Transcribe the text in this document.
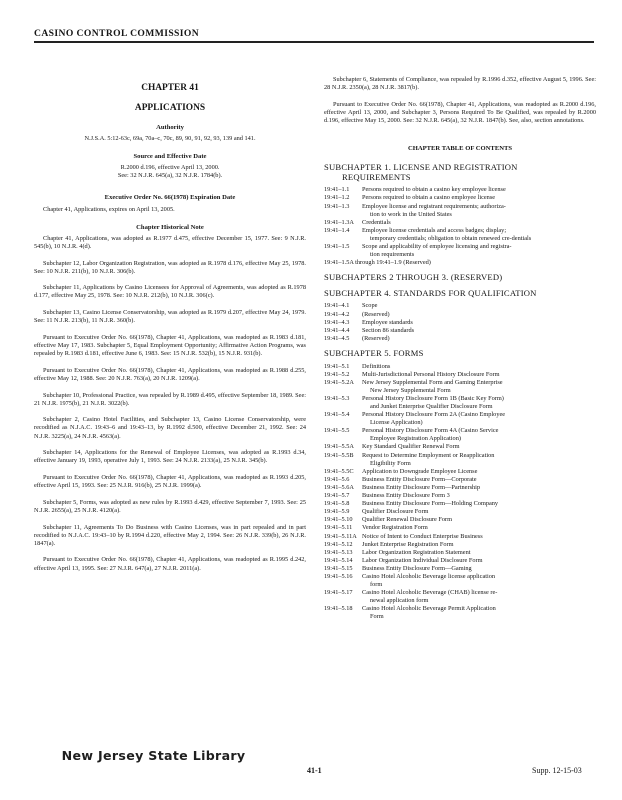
CASINO CONTROL COMMISSION
CHAPTER 41
APPLICATIONS
Authority

N.J.S.A. 5:12-63c, 69a, 70a–c, 70c, 89, 90, 91, 92, 93, 139 and 141.

Source and Effective Date
R.2000 d.196, effective April 13, 2000.
See: 32 N.J.R. 645(a), 32 N.J.R. 1784(b).
Executive Order No. 66(1978) Expiration Date

Chapter 41, Applications, expires on April 13, 2005.

Chapter Historical Note

Chapter 41, Applications, was adopted as R.1977 d.475, effective December 15, 1977. See: 9 N.J.R. 545(b), 10 N.J.R. 4(d).

Subchapter 12, Labor Organization Registration, was adopted as R.1978 d.176, effective May 25, 1978. See: 10 N.J.R. 211(b), 10 N.J.R. 306(b).

Subchapter 11, Applications by Casino Licensees for Approval of Agreements, was adopted as R.1978 d.177, effective May 25, 1978. See: 10 N.J.R. 212(b), 10 N.J.R. 306(c).

Subchapter 13, Casino License Conservatorship, was adopted as R.1979 d.207, effective May 24, 1979. See: 11 N.J.R. 213(b), 11 N.J.R. 360(b).

Pursuant to Executive Order No. 66(1978), Chapter 41, Applications, was readopted as R.1983 d.181, effective May 17, 1983. Subchapter 5, Equal Employment Opportunity; Affirmative Action Programs, was repealed by R.1983 d.181, effective June 6, 1983. See: 15 N.J.R. 532(b), 15 N.J.R. 931(b).

Pursuant to Executive Order No. 66(1978), Chapter 41, Applications, was readopted as R.1988 d.255, effective May 12, 1988. See: 20 N.J.R. 763(a), 20 N.J.R. 1209(a).

Subchapter 10, Professional Practice, was repealed by R.1989 d.495, effective September 18, 1989. See: 21 N.J.R. 1975(b), 21 N.J.R. 3022(b).

Subchapter 2, Casino Hotel Facilities, and Subchapter 13, Casino License Conservatorship, were recodified as N.J.A.C. 19:43–6 and 19:43–13, by R.1992 d.500, effective December 21, 1992. See: 24 N.J.R. 3225(a), 24 N.J.R. 4563(a).

Subchapter 14, Applications for the Renewal of Employee Licenses, was adopted as R.1993 d.34, effective January 19, 1993, operative July 1, 1993. See: 24 N.J.R. 2133(a), 25 N.J.R. 345(b).

Pursuant to Executive Order No. 66(1978), Chapter 41, Applications, was readopted as R.1993 d.205, effective April 15, 1993. See: 25 N.J.R. 916(b), 25 N.J.R. 1999(a).

Subchapter 5, Forms, was adopted as new rules by R.1993 d.429, effective September 7, 1993. See: 25 N.J.R. 2655(a), 25 N.J.R. 4120(a).

Subchapter 11, Agreements To Do Business with Casino Licenses, was in part repealed and in part recodified to N.J.A.C. 19:43–10 by R.1994 d.220, effective May 2, 1994. See: 26 N.J.R. 339(b), 26 N.J.R. 1847(a).

Pursuant to Executive Order No. 66(1978), Chapter 41, Applications, was readopted as R.1995 d.242, effective April 13, 1995. See: 27 N.J.R. 647(a), 27 N.J.R. 2011(a).

Subchapter 6, Statements of Compliance, was repealed by R.1996 d.352, effective August 5, 1996. See: 28 N.J.R. 2350(a), 28 N.J.R. 3817(b).

Pursuant to Executive Order No. 66(1978), Chapter 41, Applications, was readopted as R.2000 d.196, effective April 13, 2000, and Subchapter 3, Persons Required To Be Qualified, was repealed by R.2000 d.196, effective May 15, 2000. See: 32 N.J.R. 645(a), 32 N.J.R. 1847(b). See, also, section annotations.

CHAPTER TABLE OF CONTENTS
SUBCHAPTER 1. LICENSE AND REGISTRATION
REQUIREMENTS
19:41–1.1	Persons required to obtain a casino key employee license
19:41–1.2	Persons required to obtain a casino employee license
19:41–1.3	Employee license and registrant requirements; authoriza-
tion to work in the United States
19:41–1.3A	Credentials
19:41–1.4	Employee license credentials and access badges; display;
temporary credentials; obligation to obtain renewed cre-dentials
19:41–1.5	Scope and applicability of employee licensing and registra-
tion requirements
19:41–1.5A through 19:41–1.9 (Reserved)
SUBCHAPTERS 2 THROUGH 3. (RESERVED)
SUBCHAPTER 4. STANDARDS FOR QUALIFICATION
19:41–4.1	Scope
19:41–4.2	(Reserved)
19:41–4.3	Employee standards
19:41–4.4	Section 86 standards
19:41–4.5	(Reserved)
SUBCHAPTER 5. FORMS
19:41–5.1	Definitions
19:41–5.2	Multi-Jurisdictional Personal History Disclosure Form
19:41–5.2A	New Jersey Supplemental Form and Gaming Enterprise
New Jersey Supplemental Form
19:41–5.3	Personal History Disclosure Form 1B (Basic Key Form)
and Junket Enterprise Qualifier Disclosure Form
19:41–5.4	Personal History Disclosure Form 2A (Casino Employee
License Application)
19:41–5.5	Personal History Disclosure Form 4A (Casino Service
Employee Registration Application)
19:41–5.5A	Key Standard Qualifier Renewal Form
19:41–5.5B	Request to Determine Employment or Reapplication
Eligibility Form
19:41–5.5C	Application to Downgrade Employee License
19:41–5.6	Business Entity Disclosure Form—Corporate
19:41–5.6A	Business Entity Disclosure Form—Partnership
19:41–5.7	Business Entity Disclosure Form 3
19:41–5.8	Business Entity Disclosure Form—Holding Company
19:41–5.9	Qualifier Disclosure Form
19:41–5.10	Qualifier Renewal Disclosure Form
19:41–5.11	Vendor Registration Form
19:41–5.11A Notice of Intent to Conduct Enterprise Business
19:41–5.12	Junket Enterprise Registration Form
19:41–5.13	Labor Organization Registration Statement
19:41–5.14	Labor Organization Individual Disclosure Form
19:41–5.15	Business Entity Disclosure Form—Gaming
19:41–5.16	Casino Hotel Alcoholic Beverage license application
form
19:41–5.17	Casino Hotel Alcoholic Beverage (CHAB) license re-
newal application form
19:41–5.18	Casino Hotel Alcoholic Beverage Permit Application
Form
New Jersey State Library
41-1	Supp. 12-15-03
